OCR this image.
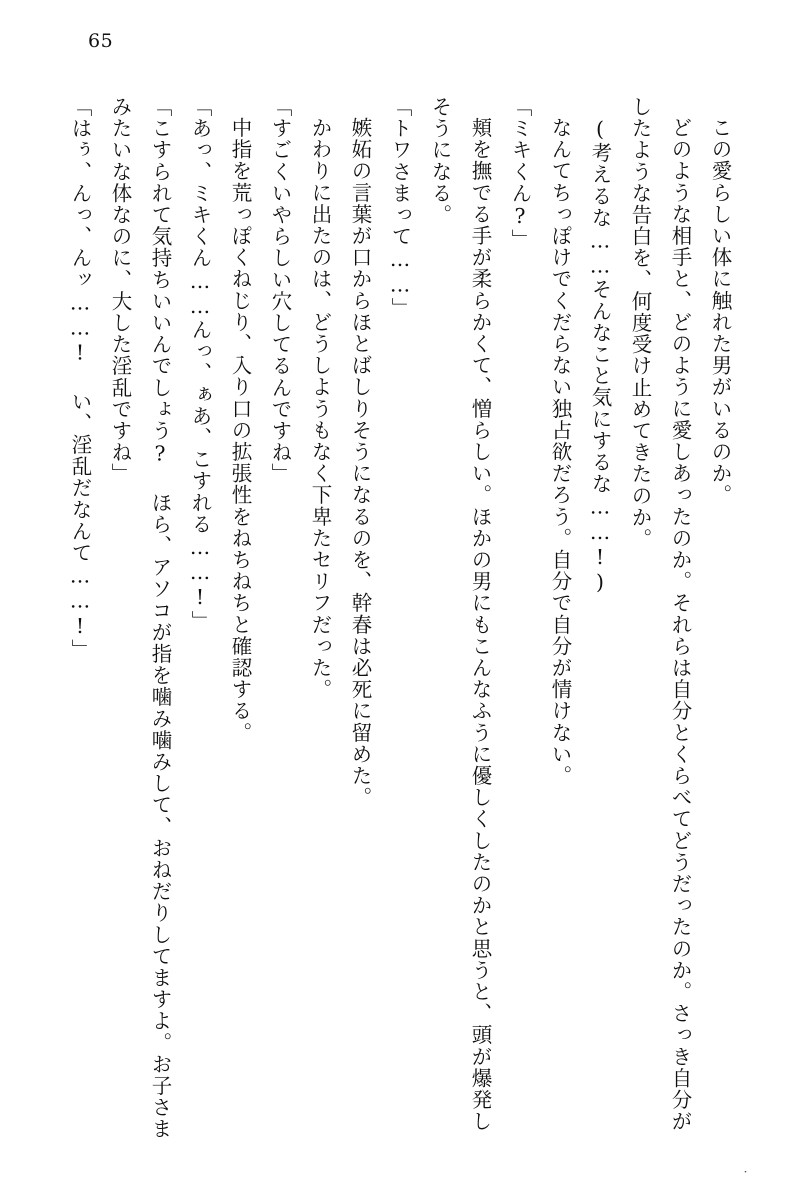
65

この愛らしい体に触れた男がいるのか。

どのような相手と、どのように愛しあったのか。それらは自分とくらべてどうだったのか。さっき自分がしたような告白を、何度受け止めてきたのか。

(考えるな……そんなこと気にするな……!)

なんてちっぽけでくだらない独占欲だろう。自分で自分が情けない。

「ミキくん?」

頬を撫でる手が柔らかくて、憎らしい。ほかの男にもこんなふうに優しくしたのかと思うと、頭が爆発しそうになる。

「トワさまって……」

嫉妬の言葉が口からほとばしりそうになるのを、幹春は必死に留めた。

かわりに出たのは、どうしようもなく下卑たセリフだった。

「すごくいやらしい穴してるんですね」

中指を荒っぽくねじり、入り口の拡張性をねちねちと確認する。

「あっ、ミキくん……んっ、ぁあ、こすれる……!」

「こすられて気持ちいいんでしょう? ほら、アソコが指を噛み噛みして、おねだりしてますよ。お子さまみたいな体なのに、大した淫乱ですね」

「はぅ、んっ、んッ……! い、淫乱だなんて……!」

・
